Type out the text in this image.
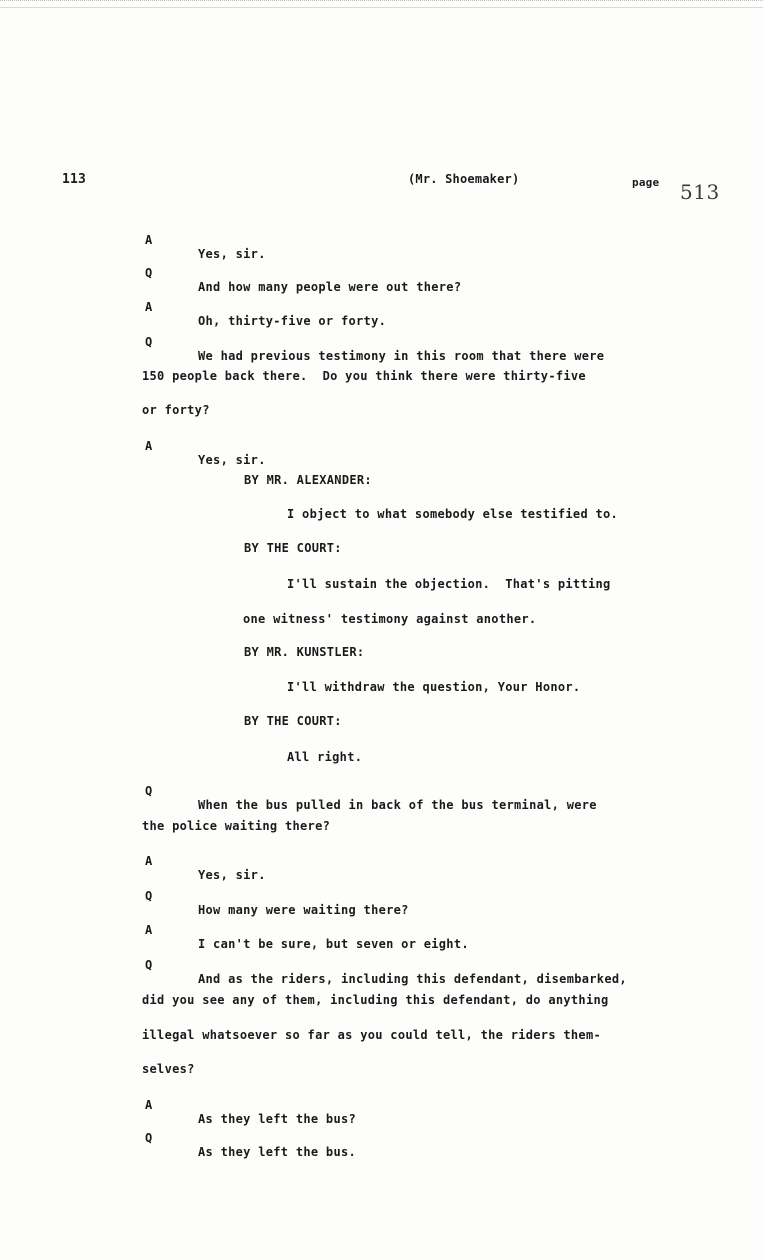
113	(Mr. Shoemaker)	page 513

A

Yes, sir.

Q

And how many people were out there?

A

Oh, thirty-five or forty.

Q

We had previous testimony in this room that there were

150 people back there.  Do you think there were thirty-five

or forty?

A

Yes, sir.

BY MR. ALEXANDER:

I object to what somebody else testified to.

BY THE COURT:

I'll sustain the objection.  That's pitting

one witness' testimony against another.

BY MR. KUNSTLER:

I'll withdraw the question, Your Honor.

BY THE COURT:

All right.

Q

When the bus pulled in back of the bus terminal, were

the police waiting there?

A

Yes, sir.

Q

How many were waiting there?

A

I can't be sure, but seven or eight.

Q

And as the riders, including this defendant, disembarked,

did you see any of them, including this defendant, do anything

illegal whatsoever so far as you could tell, the riders them-

selves?

A

As they left the bus?

Q

As they left the bus.
